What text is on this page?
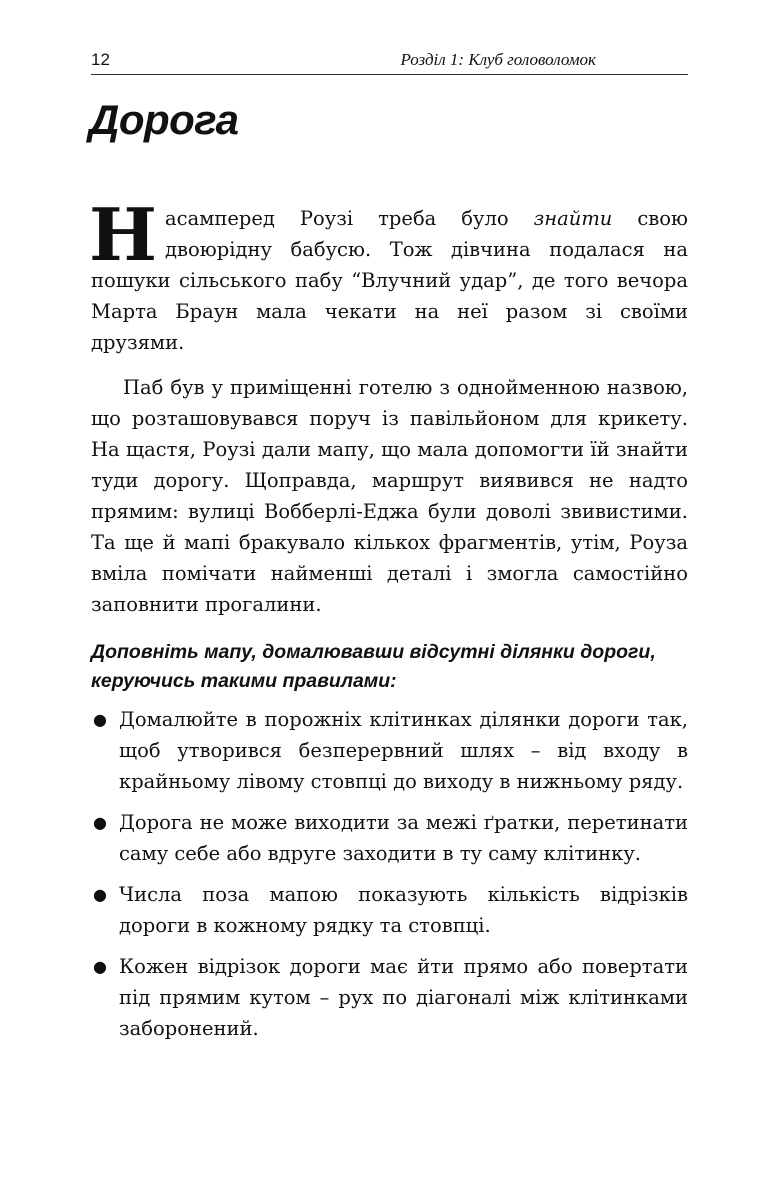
12	Розділ 1: Клуб головоломок
Дорога

Насамперед Роузі треба було знайти свою двоюрідну бабусю. Тож дівчина подалася на пошуки сільського пабу “Влучний удар”, де того вечора Марта Браун мала чекати на неї разом зі своїми друзями.

Паб був у приміщенні готелю з однойменною назвою, що розташовувався поруч із павільйоном для крикету. На щастя, Роузі дали мапу, що мала допомогти їй знайти туди дорогу. Щоправда, маршрут виявився не надто прямим: вулиці Вобберлі-Еджа були доволі звивистими. Та ще й мапі бракувало кількох фрагментів, утім, Роуза вміла помічати найменші деталі і змогла самостійно заповнити прогалини.

Доповніть мапу, домалювавши відсутні ділянки дороги, керуючись такими правилами:

● Домалюйте в порожніх клітинках ділянки дороги так, щоб утворився безперервний шлях – від входу в крайньому лівому стовпці до виходу в нижньому ряду.
● Дорога не може виходити за межі ґратки, перетинати саму себе або вдруге заходити в ту саму клітинку.
● Числа поза мапою показують кількість відрізків дороги в кожному рядку та стовпці.
● Кожен відрізок дороги має йти прямо або повертати під прямим кутом – рух по діагоналі між клітинками заборонений.
